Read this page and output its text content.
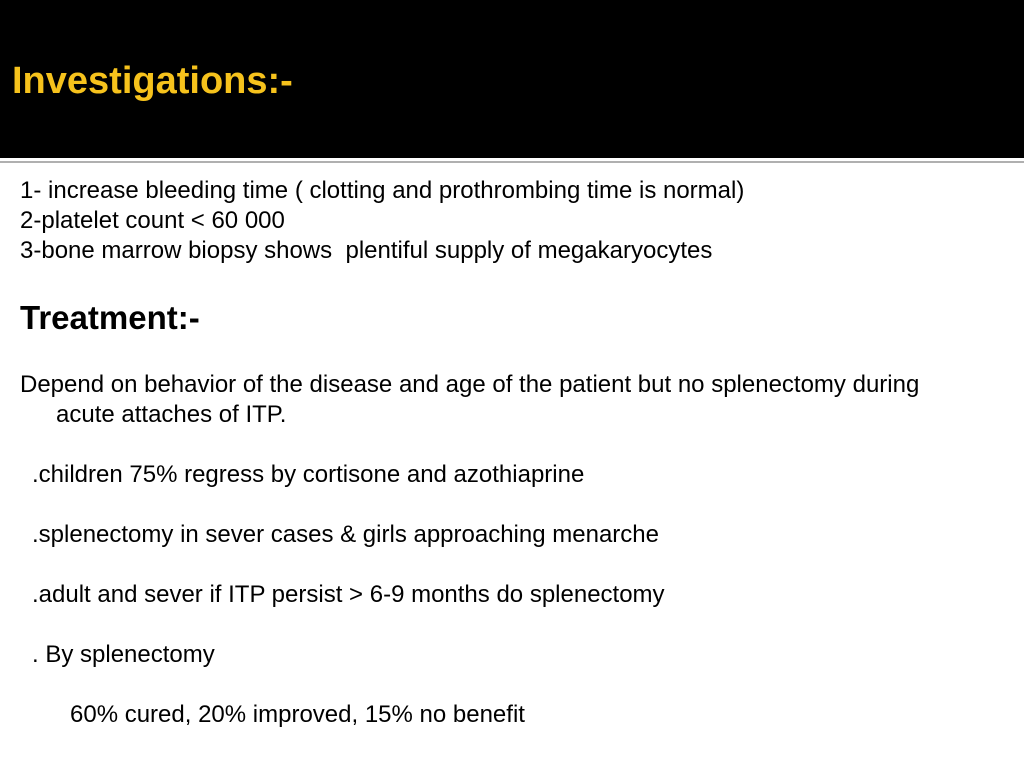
Investigations:-

1- increase bleeding time ( clotting and prothrombing time is normal)

2-platelet count < 60 000

3-bone marrow biopsy shows  plentiful supply of megakaryocytes

Treatment:-

Depend on behavior of the disease and age of the patient but no splenectomy during acute attaches of ITP.

.children 75% regress by cortisone and azothiaprine

.splenectomy in sever cases & girls approaching menarche

.adult and sever if ITP persist > 6-9 months do splenectomy

. By splenectomy

60% cured, 20% improved, 15% no benefit
